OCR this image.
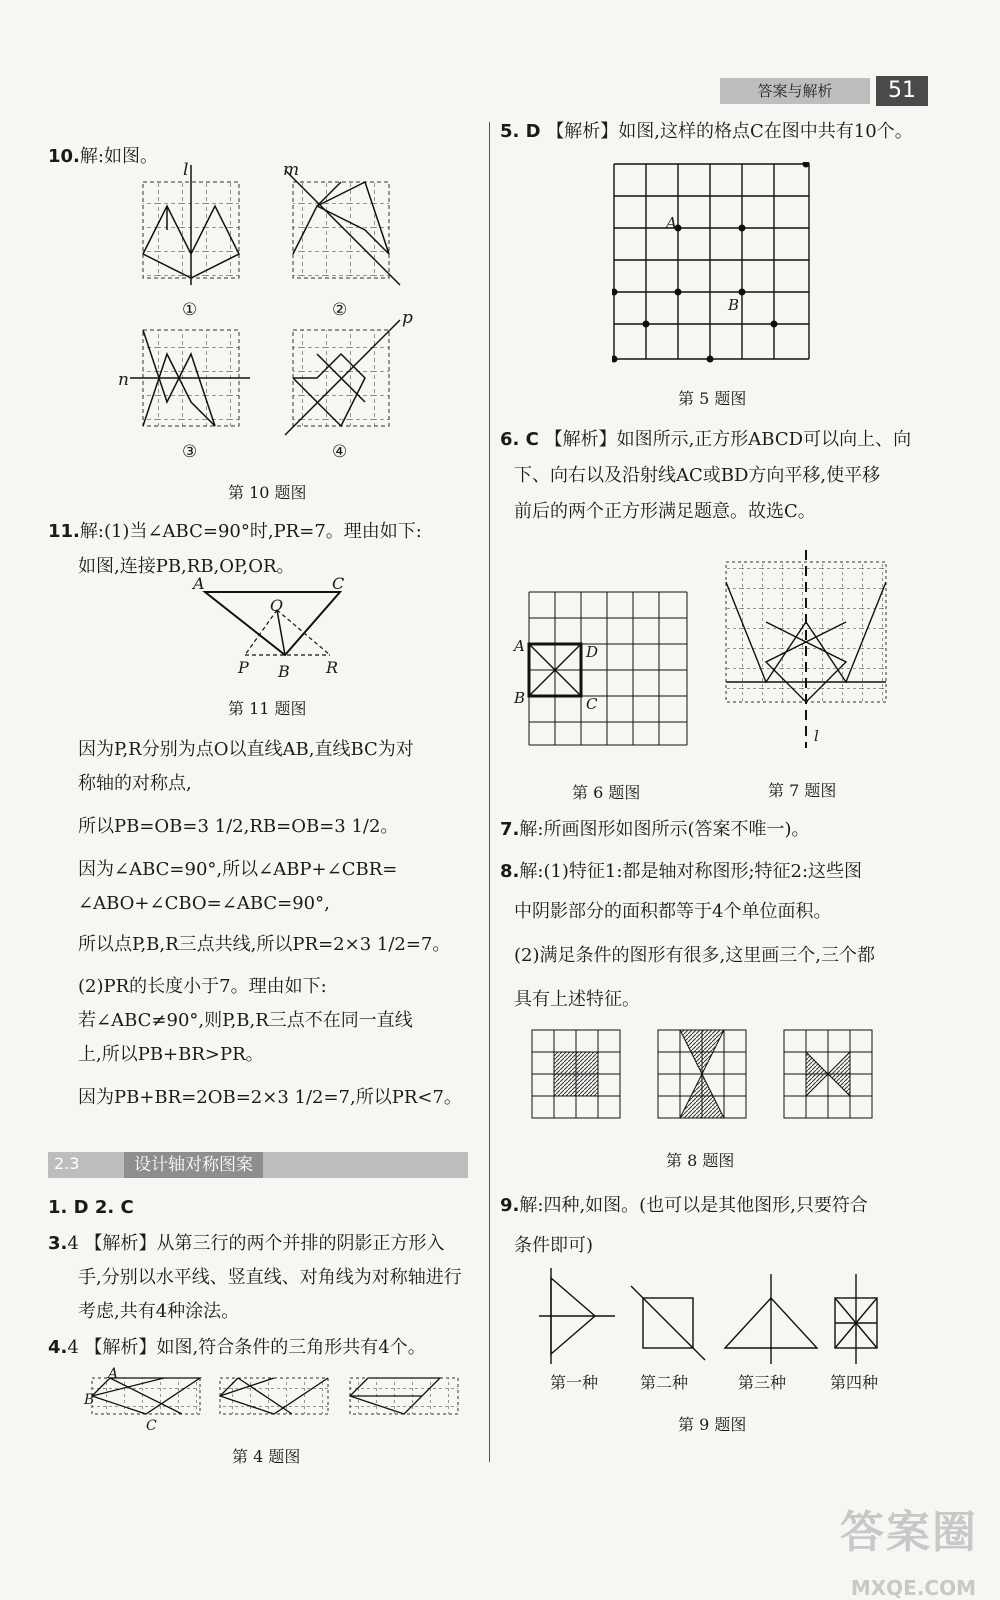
答案与解析	51
10.解:如图。
l	m
n
p
①	②
③	④
第 10 题图
11.解:(1)当∠ABC=90°时,PR=7。理由如下:
如图,连接PB,RB,OP,OR。
A	C
O
P B R
第 11 题图
因为P,R分别为点O以直线AB,直线BC为对
称轴的对称点,
所以PB=OB=3 1/2,RB=OB=3 1/2。
因为∠ABC=90°,所以∠ABP+∠CBR=
∠ABO+∠CBO=∠ABC=90°,
所以点P,B,R三点共线,所以PR=2×3 1/2=7。
(2)PR的长度小于7。理由如下:
若∠ABC≠90°,则P,B,R三点不在同一直线
上,所以PB+BR>PR。
因为PB+BR=2OB=2×3 1/2=7,所以PR<7。
2.3	设计轴对称图案
1. D 2. C
3.4 【解析】从第三行的两个并排的阴影正方形入
手,分别以水平线、竖直线、对角线为对称轴进行
考虑,共有4种涂法。
4.4 【解析】如图,符合条件的三角形共有4个。
A
B
C
第 4 题图
5. D 【解析】如图,这样的格点C在图中共有10个。
A
B
第 5 题图
6. C 【解析】如图所示,正方形ABCD可以向上、向
下、向右以及沿射线AC或BD方向平移,使平移
前后的两个正方形满足题意。故选C。
A	D
B	C
第 6 题图
l
第 7 题图
7.解:所画图形如图所示(答案不唯一)。
8.解:(1)特征1:都是轴对称图形;特征2:这些图
中阴影部分的面积都等于4个单位面积。
(2)满足条件的图形有很多,这里画三个,三个都
具有上述特征。
第 8 题图
9.解:四种,如图。(也可以是其他图形,只要符合
条件即可)
第一种	第二种	第三种	第四种
第 9 题图
答案圈
MXQE.COM
